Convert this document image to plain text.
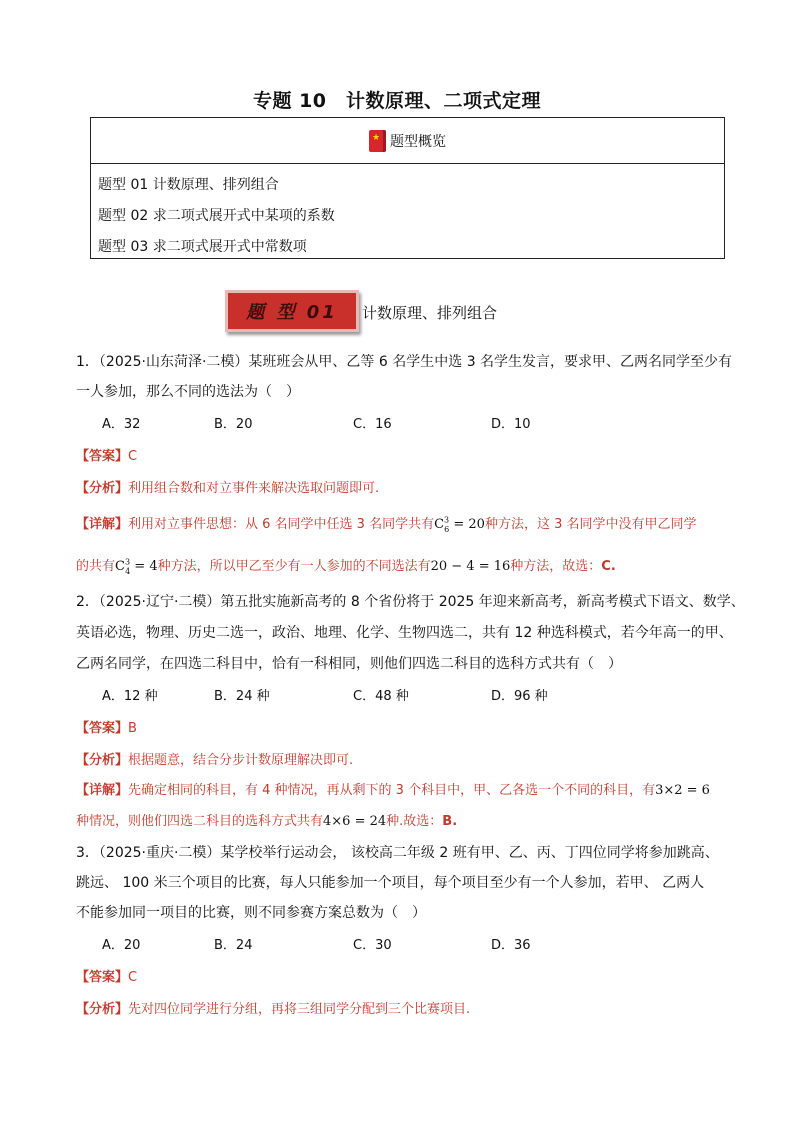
专题 10　计数原理、二项式定理
★
题型概览
题型 01 计数原理、排列组合
题型 02 求二项式展开式中某项的系数
题型 03 求二项式展开式中常数项
题 型 01 计数原理、排列组合
1．（2025·山东菏泽·二模）某班班会从甲、乙等 6 名学生中选 3 名学生发言，要求甲、乙两名同学至少有
一人参加，那么不同的选法为（　）
A．32	B．20	C．16	D．10
【答案】C
【分析】利用组合数和对立事件来解决选取问题即可.
【详解】利用对立事件思想：从 6 名同学中任选 3 名同学共有$C^3_6 = 20$种方法，这 3 名同学中没有甲乙同学
的共有$C^3_4 = 4$种方法，所以甲乙至少有一人参加的不同选法有20 − 4 = 16种方法，故选：C.
2．（2025·辽宁·二模）第五批实施新高考的 8 个省份将于 2025 年迎来新高考，新高考模式下语文、数学、
英语必选，物理、历史二选一，政治、地理、化学、生物四选二，共有 12 种选科模式，若今年高一的甲、
乙两名同学，在四选二科目中，恰有一科相同，则他们四选二科目的选科方式共有（　）
A．12 种	B．24 种	C．48 种	D．96 种
【答案】B
【分析】根据题意，结合分步计数原理解决即可.
【详解】先确定相同的科目，有 4 种情况，再从剩下的 3 个科目中，甲、乙各选一个不同的科目，有3×2 = 6
种情况，则他们四选二科目的选科方式共有4×6 = 24种.故选：B.
3．（2025·重庆·二模）某学校举行运动会， 该校高二年级 2 班有甲、乙、丙、丁四位同学将参加跳高、
跳远、 100 米三个项目的比赛，每人只能参加一个项目，每个项目至少有一个人参加，若甲、 乙两人
不能参加同一项目的比赛，则不同参赛方案总数为（　）
A．20	B．24	C．30	D．36
【答案】C
【分析】先对四位同学进行分组，再将三组同学分配到三个比赛项目.
